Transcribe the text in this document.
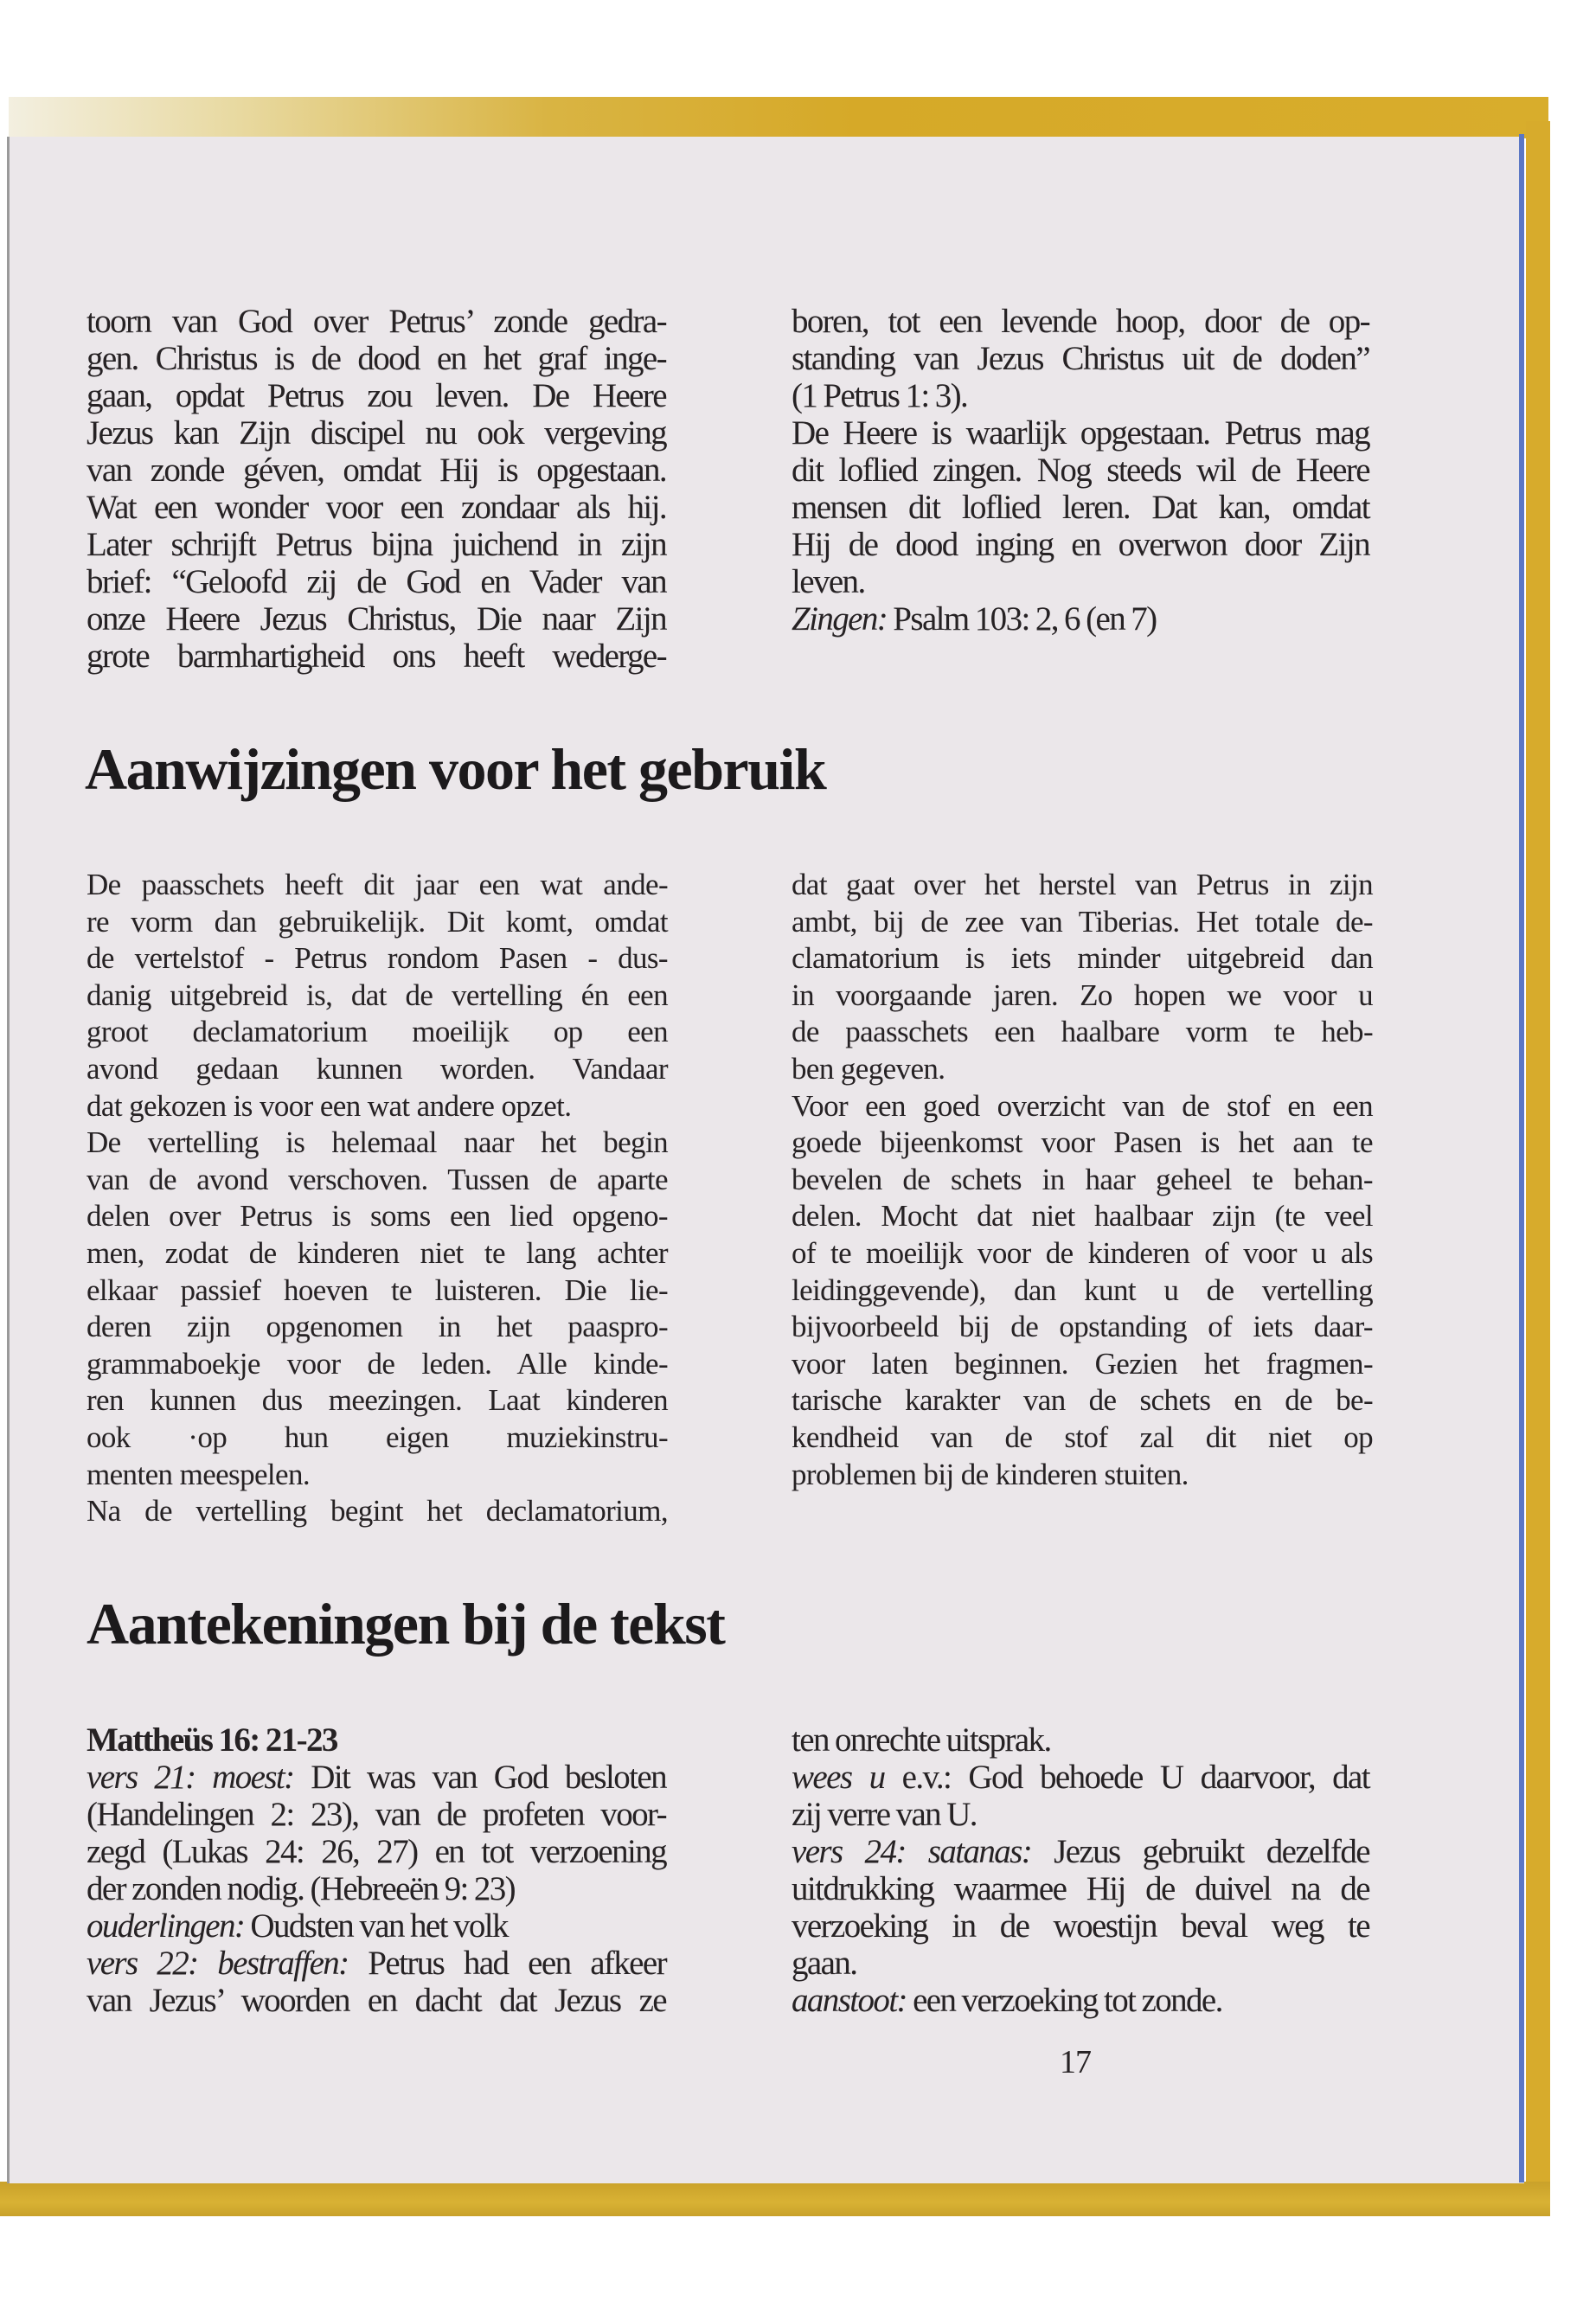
toorn van God over Petrus’ zonde gedra-
gen. Christus is de dood en het graf inge-
gaan, opdat Petrus zou leven. De Heere
Jezus kan Zijn discipel nu ook vergeving
van zonde géven, omdat Hij is opgestaan.
Wat een wonder voor een zondaar als hij.
Later schrijft Petrus bijna juichend in zijn
brief: “Geloofd zij de God en Vader van
onze Heere Jezus Christus, Die naar Zijn
grote barmhartigheid ons heeft wederge-
boren, tot een levende hoop, door de op-
standing van Jezus Christus uit de doden”
(1 Petrus 1: 3).
De Heere is waarlijk opgestaan. Petrus mag
dit loflied zingen. Nog steeds wil de Heere
mensen dit loflied leren. Dat kan, omdat
Hij de dood inging en overwon door Zijn
leven.
Zingen: Psalm 103: 2, 6 (en 7)
Aanwijzingen voor het gebruik
De paasschets heeft dit jaar een wat ande-
re vorm dan gebruikelijk. Dit komt, omdat
de vertelstof - Petrus rondom Pasen - dus-
danig uitgebreid is, dat de vertelling én een
groot declamatorium moeilijk op een
avond gedaan kunnen worden. Vandaar
dat gekozen is voor een wat andere opzet.
De vertelling is helemaal naar het begin
van de avond verschoven. Tussen de aparte
delen over Petrus is soms een lied opgeno-
men, zodat de kinderen niet te lang achter
elkaar passief hoeven te luisteren. Die lie-
deren zijn opgenomen in het paaspro-
grammaboekje voor de leden. Alle kinde-
ren kunnen dus meezingen. Laat kinderen
ook ·op hun eigen muziekinstru-
menten meespelen.
Na de vertelling begint het declamatorium,
dat gaat over het herstel van Petrus in zijn
ambt, bij de zee van Tiberias. Het totale de-
clamatorium is iets minder uitgebreid dan
in voorgaande jaren. Zo hopen we voor u
de paasschets een haalbare vorm te heb-
ben gegeven.
Voor een goed overzicht van de stof en een
goede bijeenkomst voor Pasen is het aan te
bevelen de schets in haar geheel te behan-
delen. Mocht dat niet haalbaar zijn (te veel
of te moeilijk voor de kinderen of voor u als
leidinggevende), dan kunt u de vertelling
bijvoorbeeld bij de opstanding of iets daar-
voor laten beginnen. Gezien het fragmen-
tarische karakter van de schets en de be-
kendheid van de stof zal dit niet op
problemen bij de kinderen stuiten.
Aantekeningen bij de tekst
Mattheüs 16: 21-23
vers 21: moest: Dit was van God besloten
(Handelingen 2: 23), van de profeten voor-
zegd (Lukas 24: 26, 27) en tot verzoening
der zonden nodig. (Hebreeën 9: 23)
ouderlingen: Oudsten van het volk
vers 22: bestraffen: Petrus had een afkeer
van Jezus’ woorden en dacht dat Jezus ze
ten onrechte uitsprak.
wees u e.v.: God behoede U daarvoor, dat
zij verre van U.
vers 24: satanas: Jezus gebruikt dezelfde
uitdrukking waarmee Hij de duivel na de
verzoeking in de woestijn beval weg te
gaan.
aanstoot: een verzoeking tot zonde.
17
